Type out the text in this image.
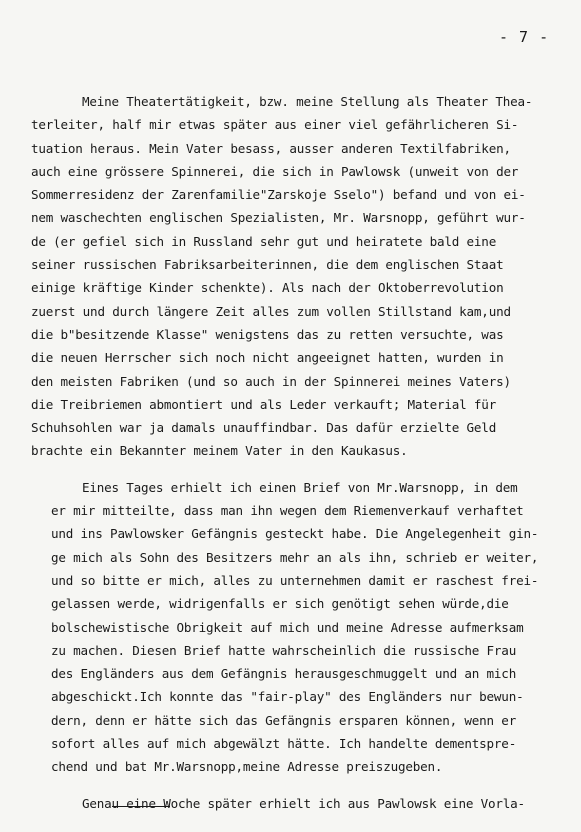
- 7 -
Meine Theatertätigkeit, bzw. meine Stellung als Theater Thea-
terleiter, half mir etwas später aus einer viel gefährlicheren Si-
tuation heraus. Mein Vater besass, ausser anderen Textilfabriken,
auch eine grössere Spinnerei, die sich in Pawlowsk (unweit von der
Sommerresidenz der Zarenfamilie"Zarskoje Sselo") befand und von ei-
nem waschechten englischen Spezialisten, Mr. Warsnopp, geführt wur-
de (er gefiel sich in Russland sehr gut und heiratete bald eine
seiner russischen Fabriksarbeiterinnen, die dem englischen Staat
einige kräftige Kinder schenkte). Als nach der Oktoberrevolution
zuerst und durch längere Zeit alles zum vollen Stillstand kam,und
die b"besitzende Klasse" wenigstens das zu retten versuchte, was
die neuen Herrscher sich noch nicht angeeignet hatten, wurden in
den meisten Fabriken (und so auch in der Spinnerei meines Vaters)
die Treibriemen abmontiert und als Leder verkauft; Material für
Schuhsohlen war ja damals unauffindbar. Das dafür erzielte Geld
brachte ein Bekannter meinem Vater in den Kaukasus.
Eines Tages erhielt ich einen Brief von Mr.Warsnopp, in dem
er mir mitteilte, dass man ihn wegen dem Riemenverkauf verhaftet
und ins Pawlowsker Gefängnis gesteckt habe. Die Angelegenheit gin-
ge mich als Sohn des Besitzers mehr an als ihn, schrieb er weiter,
und so bitte er mich, alles zu unternehmen damit er raschest frei-
gelassen werde, widrigenfalls er sich genötigt sehen würde,die
bolschewistische Obrigkeit auf mich und meine Adresse aufmerksam
zu machen. Diesen Brief hatte wahrscheinlich die russische Frau
des Engländers aus dem Gefängnis herausgeschmuggelt und an mich
abgeschickt.Ich konnte das "fair-play" des Engländers nur bewun-
dern, denn er hätte sich das Gefängnis ersparen können, wenn er
sofort alles auf mich abgewälzt hätte. Ich handelte dementspre-
chend und bat Mr.Warsnopp,meine Adresse preiszugeben.
Genau eine Woche später erhielt ich aus Pawlowsk eine Vorla-
